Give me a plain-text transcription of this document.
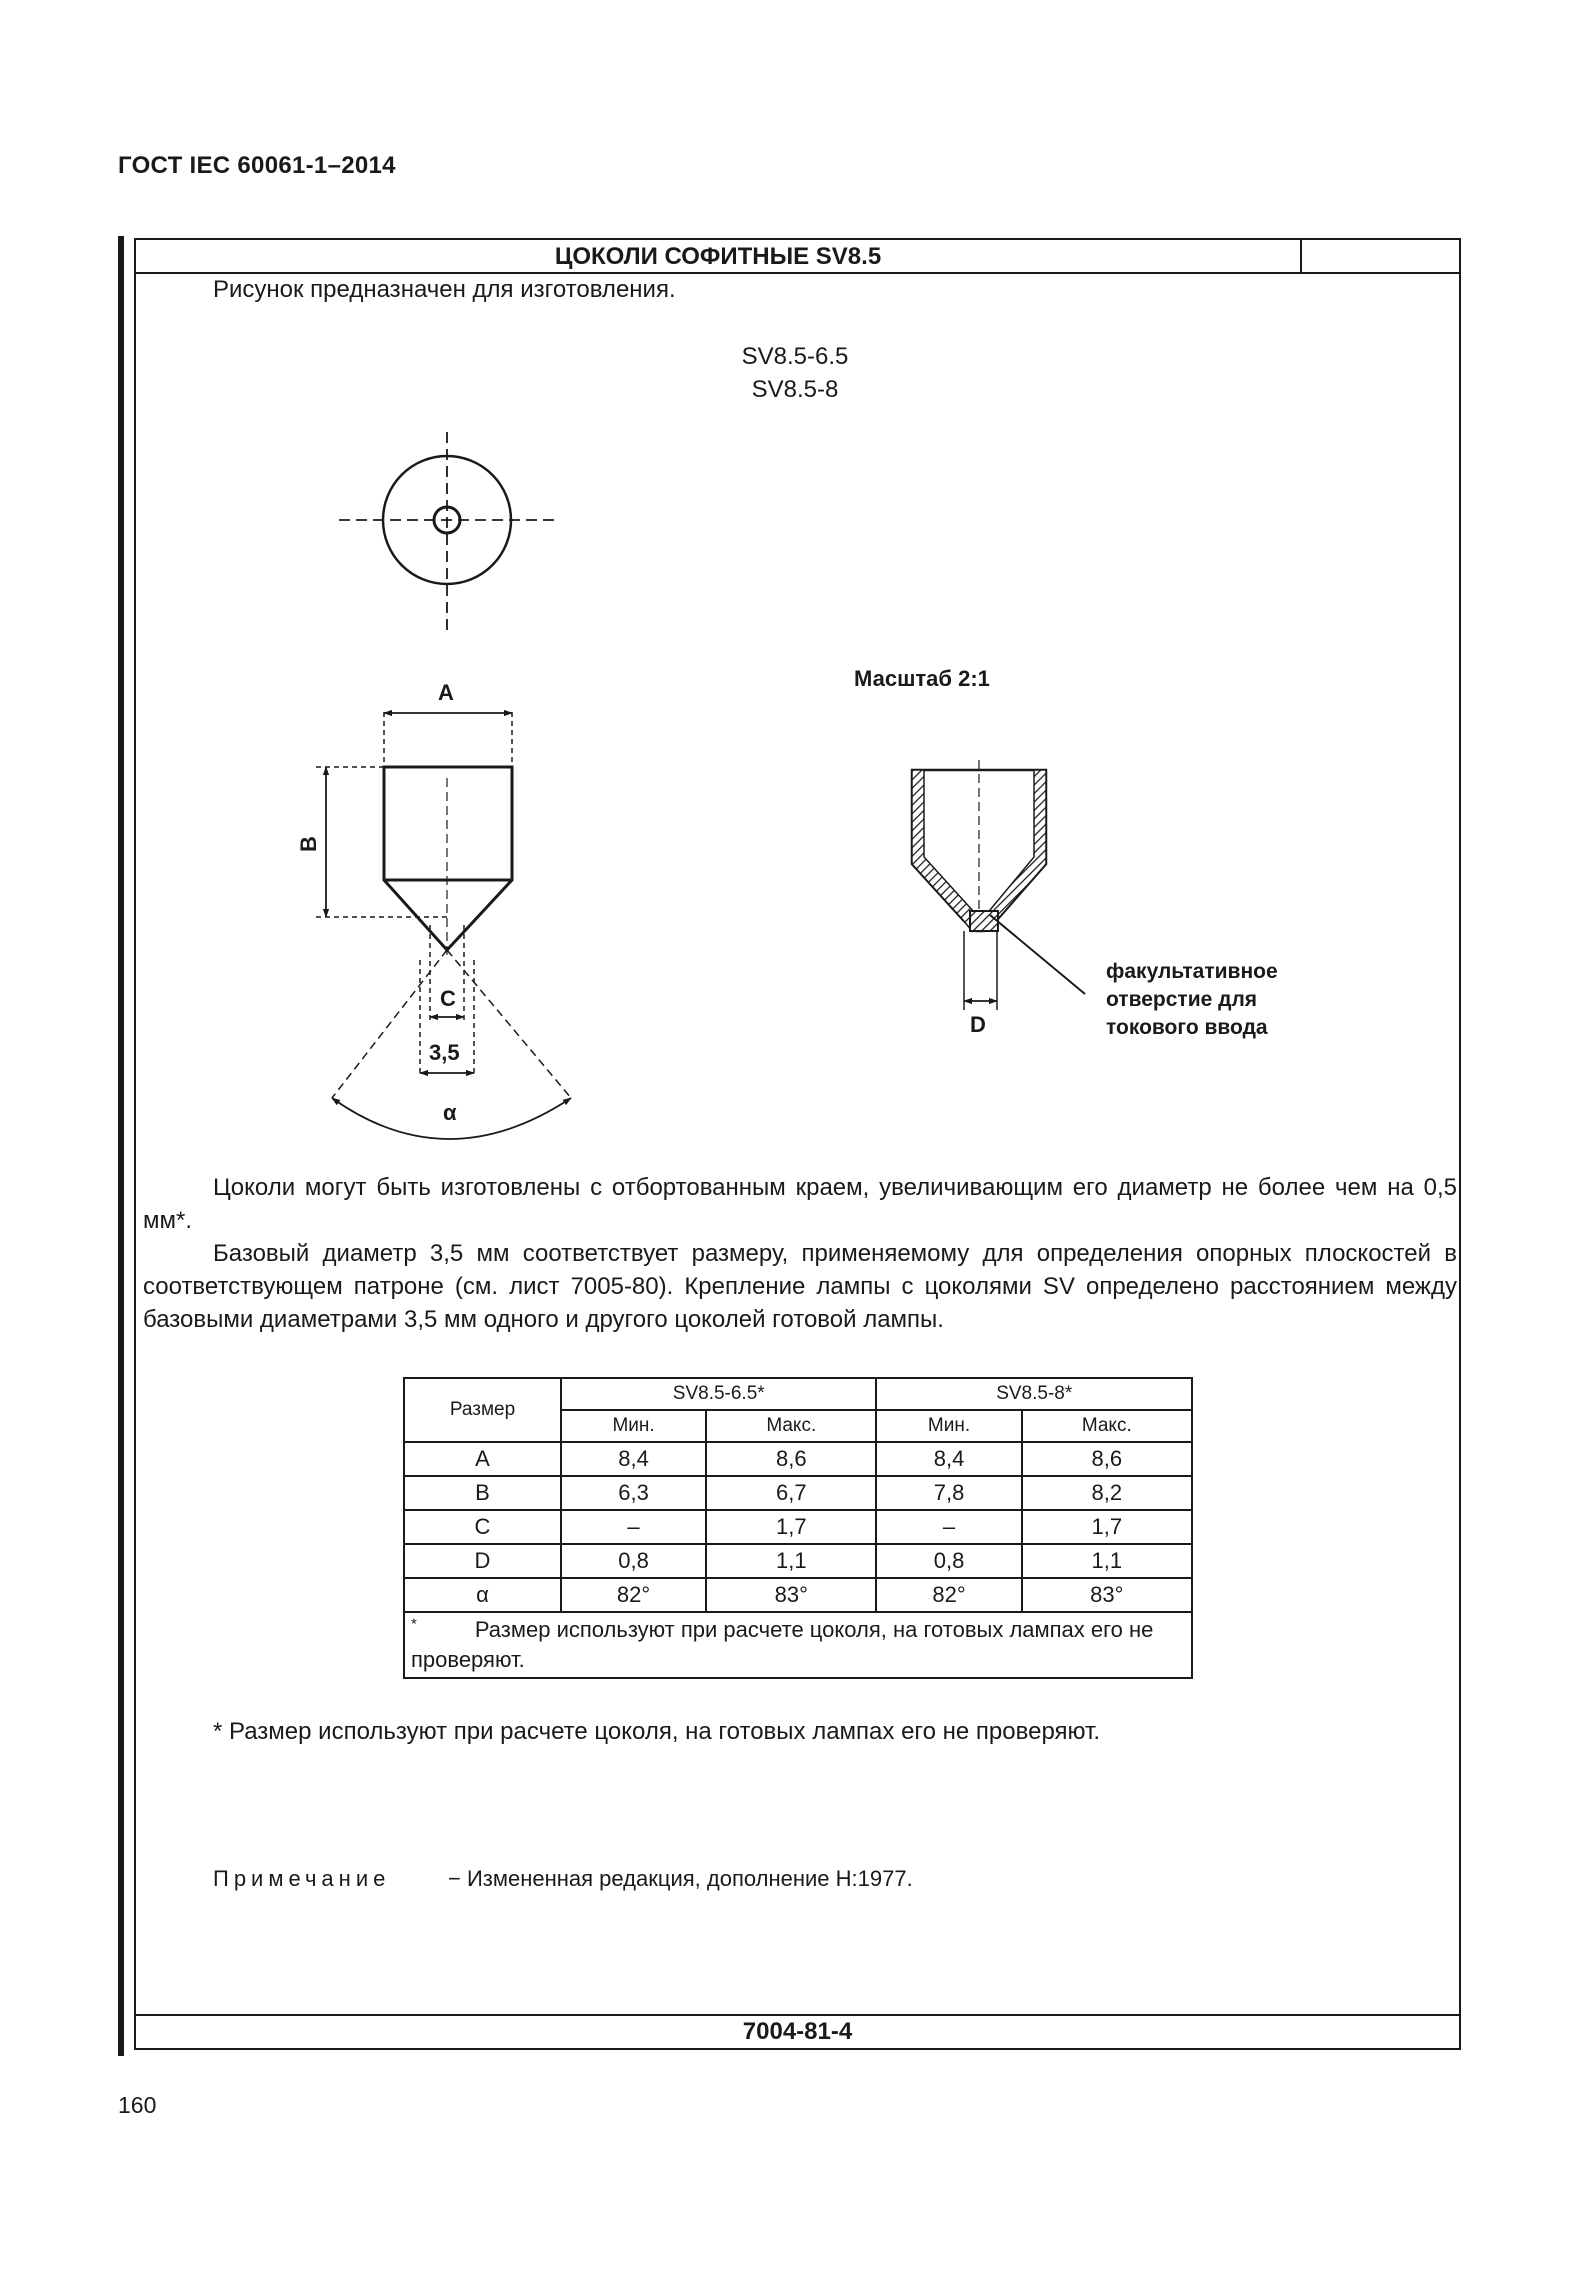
ГОСТ IEC 60061-1–2014
ЦОКОЛИ СОФИТНЫЕ SV8.5
7004-81-4
Рисунок предназначен для изготовления.
SV8.5-6.5
SV8.5-8
A
B
C
3,5
α
Масштаб 2:1
D
факультативное
отверстие для
токового ввода
Цоколи могут быть изготовлены с отбортованным краем, увеличивающим его диаметр не более чем на 0,5 мм*.
Базовый диаметр 3,5 мм соответствует размеру, применяемому для определения опорных плоскостей в соответствующем патроне (см. лист 7005-80). Крепление лампы с цоколями SV определено расстоянием между базовыми диаметрами 3,5 мм одного и другого цоколей готовой лампы.
Размер	SV8.5-6.5*		SV8.5-8*	
	Мин.	Макс.	Мин.	Макс.
A	8,4	8,6	8,4	8,6
B	6,3	6,7	7,8	8,2
C	–	1,7	–	1,7
D	0,8	1,1	0,8	1,1
α	82°	83°	82°	83°
* Размер используют при расчете цоколя, на готовых лампах его не проверяют.				
* Размер используют при расчете цоколя, на готовых лампах его не проверяют.
Примечание	− Измененная редакция, дополнение Н:1977.
160
